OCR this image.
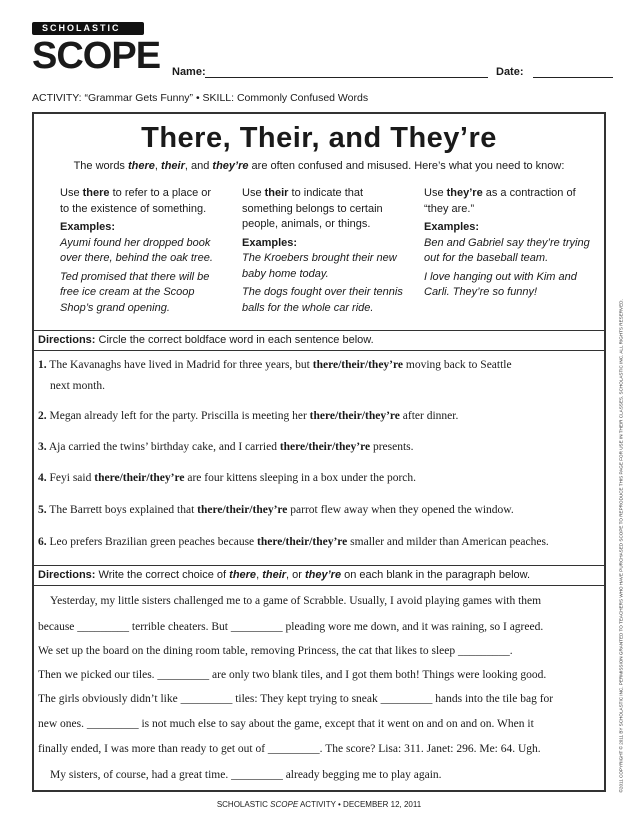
SCHOLASTIC
SCOPE Name:	Date:
ACTIVITY: “Grammar Gets Funny” • SKILL: Commonly Confused Words
There, Their, and They’re
The words there, their, and they’re are often confused and misused. Here’s what you need to know:

Use there to refer to a place or to the existence of something.

Examples:

Ayumi found her dropped book over there, behind the oak tree.

Ted promised that there will be free ice cream at the Scoop Shop’s grand opening.

Use their to indicate that something belongs to certain people, animals, or things.

Examples:

The Kroebers brought their new baby home today.

The dogs fought over their tennis balls for the whole car ride.

Use they’re as a contraction of “they are.”

Examples:

Ben and Gabriel say they’re trying out for the baseball team.

I love hanging out with Kim and Carli. They’re so funny!

Directions: Circle the correct boldface word in each sentence below.
1. The Kavanaghs have lived in Madrid for three years, but there/their/they’re moving back to Seattle
next month.
2. Megan already left for the party. Priscilla is meeting her there/their/they’re after dinner.
3. Aja carried the twins’ birthday cake, and I carried there/their/they’re presents.
4. Feyi said there/their/they’re are four kittens sleeping in a box under the porch.
5. The Barrett boys explained that there/their/they’re parrot flew away when they opened the window.
6. Leo prefers Brazilian green peaches because there/their/they’re smaller and milder than American peaches.
Directions: Write the correct choice of there, their, or they’re on each blank in the paragraph below.
Yesterday, my little sisters challenged me to a game of Scrabble. Usually, I avoid playing games with them
because _________ terrible cheaters. But _________ pleading wore me down, and it was raining, so I agreed.
We set up the board on the dining room table, removing Princess, the cat that likes to sleep _________.
Then we picked our tiles. _________ are only two blank tiles, and I got them both! Things were looking good.
The girls obviously didn’t like _________ tiles: They kept trying to sneak _________ hands into the tile bag for
new ones. _________ is not much else to say about the game, except that it went on and on and on. When it
finally ended, I was more than ready to get out of _________. The score? Lisa: 311. Janet: 296. Me: 64. Ugh.
My sisters, of course, had a great time. _________ already begging me to play again.	©2011 COPYRIGHT © 2011 BY SCHOLASTIC INC. PERMISSION GRANTED TO TEACHERS WHO HAVE PURCHASED SCOPE TO REPRODUCE THIS PAGE FOR USE IN THEIR CLASSES. SCHOLASTIC INC. ALL RIGHTS RESERVED.
SCHOLASTIC SCOPE ACTIVITY • DECEMBER 12, 2011
